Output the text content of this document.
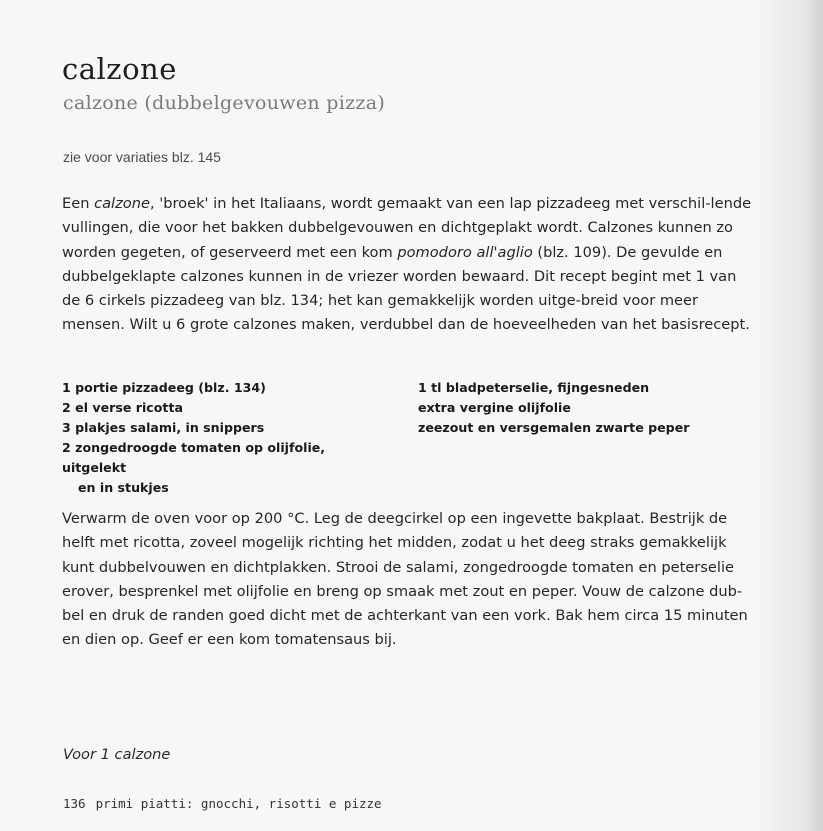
calzone
calzone (dubbelgevouwen pizza)
zie voor variaties blz. 145

Een calzone, 'broek' in het Italiaans, wordt gemaakt van een lap pizzadeeg met verschil-lende vullingen, die voor het bakken dubbelgevouwen en dichtgeplakt wordt. Calzones kunnen zo worden gegeten, of geserveerd met een kom pomodoro all'aglio (blz. 109). De gevulde en dubbelgeklapte calzones kunnen in de vriezer worden bewaard. Dit recept begint met 1 van de 6 cirkels pizzadeeg van blz. 134; het kan gemakkelijk worden uitge-breid voor meer mensen. Wilt u 6 grote calzones maken, verdubbel dan de hoeveelheden van het basisrecept.

1 portie pizzadeeg (blz. 134)
2 el verse ricotta
3 plakjes salami, in snippers
2 zongedroogde tomaten op olijfolie, uitgelekt
en in stukjes
1 tl bladpeterselie, fijngesneden
extra vergine olijfolie
zeezout en versgemalen zwarte peper

Verwarm de oven voor op 200 °C. Leg de deegcirkel op een ingevette bakplaat. Bestrijk de helft met ricotta, zoveel mogelijk richting het midden, zodat u het deeg straks gemakkelijk kunt dubbelvouwen en dichtplakken. Strooi de salami, zongedroogde tomaten en peterselie erover, besprenkel met olijfolie en breng op smaak met zout en peper. Vouw de calzone dub-bel en druk de randen goed dicht met de achterkant van een vork. Bak hem circa 15 minuten en dien op. Geef er een kom tomatensaus bij.

Voor 1 calzone
136 primi piatti: gnocchi, risotti e pizze
